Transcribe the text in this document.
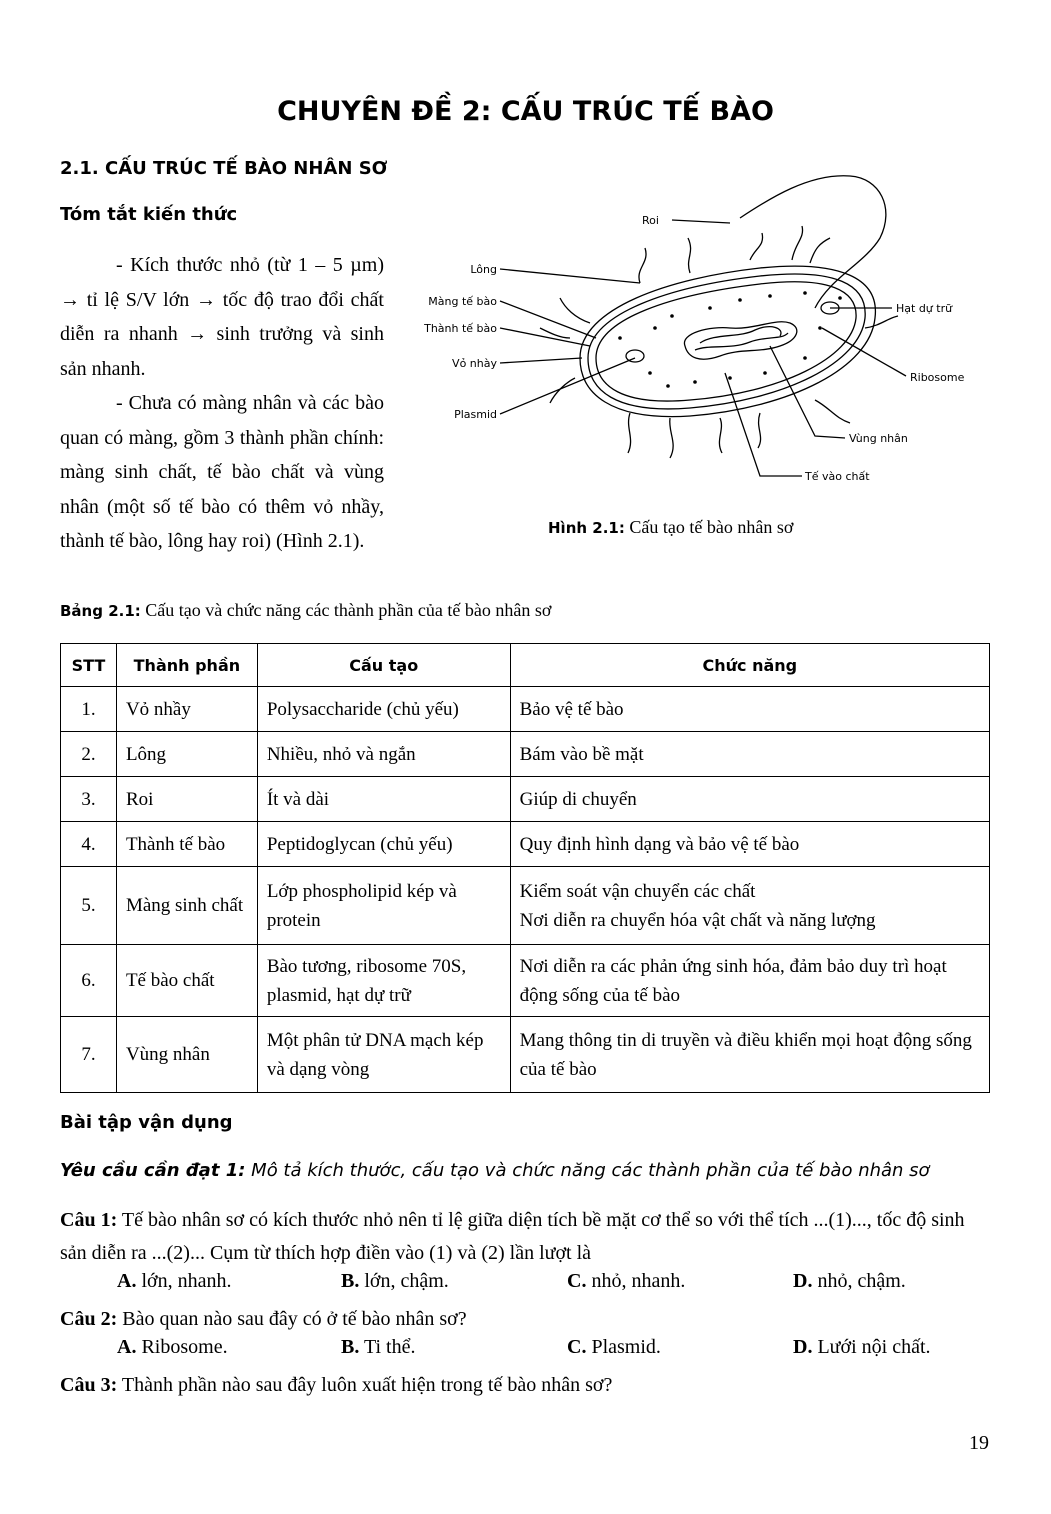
CHUYÊN ĐỀ 2: CẤU TRÚC TẾ BÀO
2.1. CẤU TRÚC TẾ BÀO NHÂN SƠ
Tóm tắt kiến thức

- Kích thước nhỏ (từ 1 – 5 µm) → tỉ lệ S/V lớn → tốc độ trao đổi chất diễn ra nhanh → sinh trưởng và sinh sản nhanh.

- Chưa có màng nhân và các bào quan có màng, gồm 3 thành phần chính: màng sinh chất, tế bào chất và vùng nhân (một số tế bào có thêm vỏ nhầy, thành tế bào, lông hay roi) (Hình 2.1).

Roi
Lông
Màng tế bào
Thành tế bào
Vỏ nhày
Plasmid
Hạt dự trữ
Ribosome
Vùng nhân
Tế vào chất
Hình 2.1: Cấu tạo tế bào nhân sơ
Bảng 2.1: Cấu tạo và chức năng các thành phần của tế bào nhân sơ
STT	Thành phần	Cấu tạo	Chức năng
1.	Vỏ nhầy	Polysaccharide (chủ yếu)	Bảo vệ tế bào
2.	Lông	Nhiều, nhỏ và ngắn	Bám vào bề mặt
3.	Roi	Ít và dài	Giúp di chuyển
4.	Thành tế bào	Peptidoglycan (chủ yếu)	Quy định hình dạng và bảo vệ tế bào
5.	Màng sinh chất	Lớp phospholipid kép và protein	Kiểm soát vận chuyển các chất
Nơi diễn ra chuyển hóa vật chất và năng lượng

6.	Tế bào chất	Bào tương, ribosome 70S, plasmid, hạt dự trữ	Nơi diễn ra các phản ứng sinh hóa, đảm bảo duy trì hoạt động sống của tế bào
7.	Vùng nhân	Một phân tử DNA mạch kép và dạng vòng	Mang thông tin di truyền và điều khiển mọi hoạt động sống của tế bào
Bài tập vận dụng
Yêu cầu cần đạt 1: Mô tả kích thước, cấu tạo và chức năng các thành phần của tế bào nhân sơ
Câu 1: Tế bào nhân sơ có kích thước nhỏ nên tỉ lệ giữa diện tích bề mặt cơ thể so với thể tích ...(1)..., tốc độ sinh sản diễn ra ...(2)... Cụm từ thích hợp điền vào (1) và (2) lần lượt là
A. lớn, nhanh.	B. lớn, chậm.	C. nhỏ, nhanh.	D. nhỏ, chậm.
Câu 2: Bào quan nào sau đây có ở tế bào nhân sơ?
A. Ribosome.	B. Ti thể.	C. Plasmid.	D. Lưới nội chất.
Câu 3: Thành phần nào sau đây luôn xuất hiện trong tế bào nhân sơ?
19
